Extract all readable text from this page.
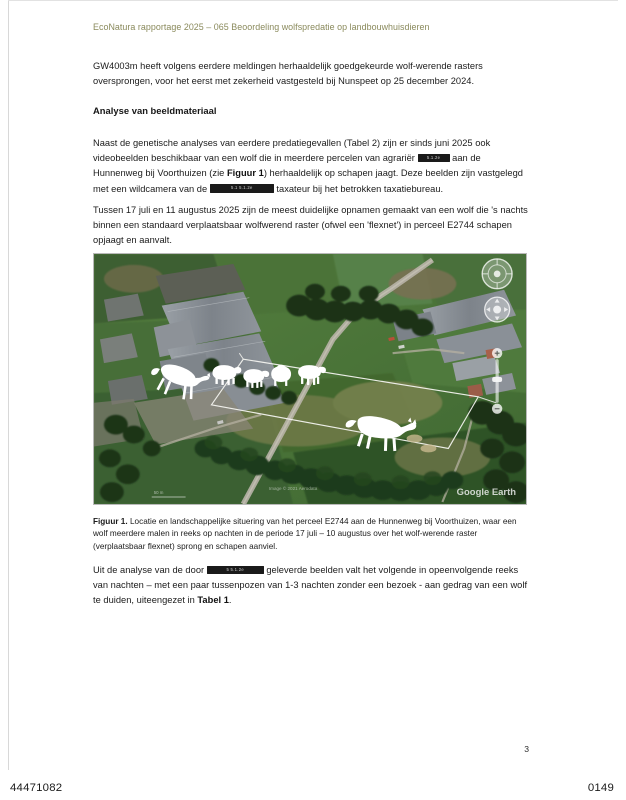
EcoNatura rapportage 2025 – 065 Beoordeling wolfspredatie op landbouwhuisdieren

GW4003m heeft volgens eerdere meldingen herhaaldelijk goedgekeurde wolf-werende rasters oversprongen, voor het eerst met zekerheid vastgesteld bij Nunspeet op 25 december 2024.

Analyse van beeldmateriaal

Naast de genetische analyses van eerdere predatiegevallen (Tabel 2) zijn er sinds juni 2025 ook videobeelden beschikbaar van een wolf die in meerdere percelen van agrariër	5.1.2e aan de Hunnenweg bij Voorthuizen (zie Figuur 1) herhaaldelijk op schapen jaagt. Deze beelden zijn vastgelegd met een wildcamera van de	5.1 5.1.2e	taxateur bij het betrokken taxatiebureau.

Tussen 17 juli en 11 augustus 2025 zijn de meest duidelijke opnamen gemaakt van een wolf die 's nachts binnen een standaard verplaatsbaar wolfwerend raster (ofwel een 'flexnet') in perceel E2744 schapen opjaagt en aanvalt.

Image © 2021 Aerodata
50 m	Google Earth
Figuur 1. Locatie en landschappelijke situering van het perceel E2744 aan de Hunnenweg bij Voorthuizen, waar een wolf meerdere malen in reeks op nachten in de periode 17 juli – 10 augustus over het wolf-werende raster (verplaatsbaar flexnet) sprong en schapen aanviel.

Uit de analyse van de door	5 5.1.2e geleverde beelden valt het volgende in opeenvolgende reeks van nachten – met een paar tussenpozen van 1-3 nachten zonder een bezoek - aan gedrag van een wolf te duiden, uiteengezet in Tabel 1.

3
44471082	0149
